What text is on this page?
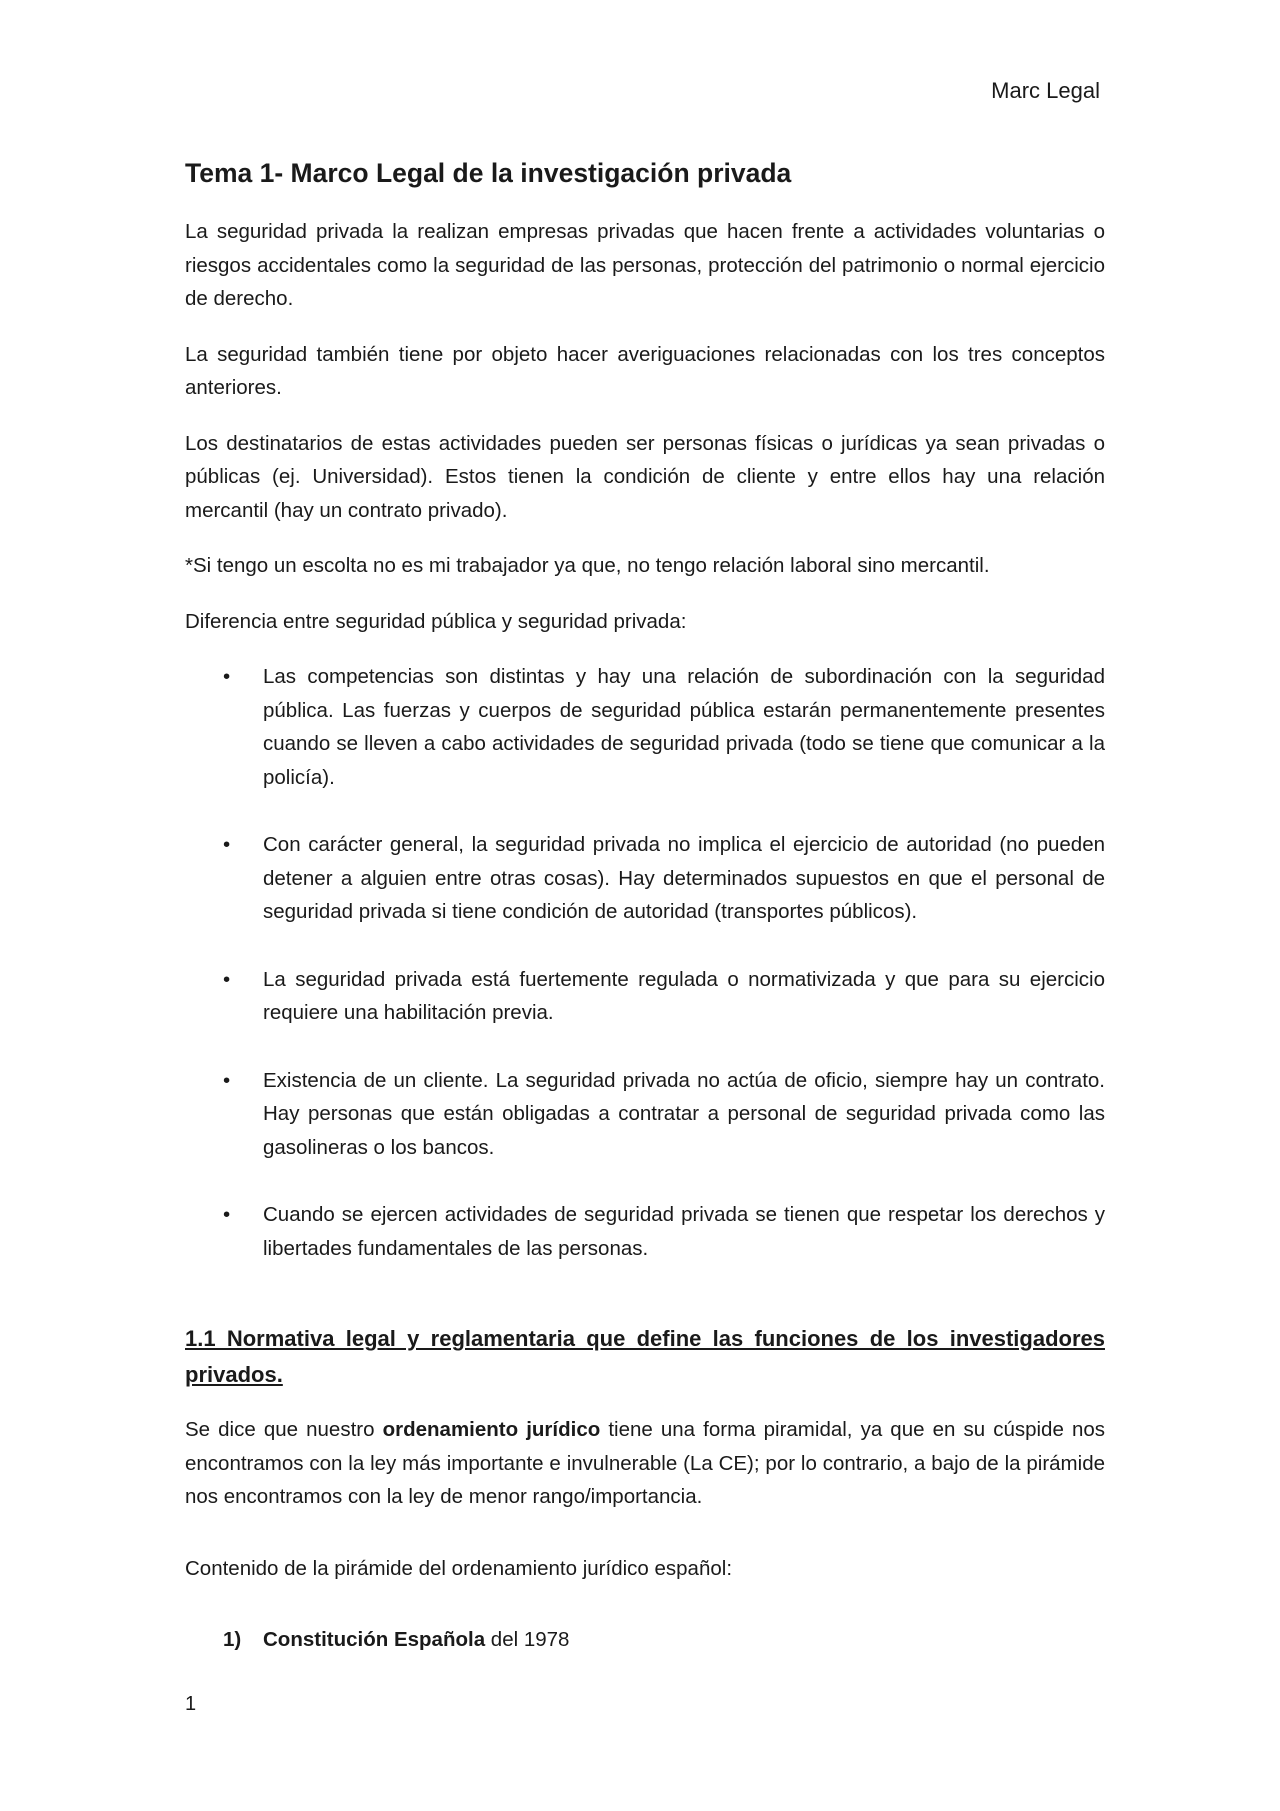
Marc Legal
Tema 1- Marco Legal de la investigación privada

La seguridad privada la realizan empresas privadas que hacen frente a actividades voluntarias o riesgos accidentales como la seguridad de las personas, protección del patrimonio o normal ejercicio de derecho.

La seguridad también tiene por objeto hacer averiguaciones relacionadas con los tres conceptos anteriores.

Los destinatarios de estas actividades pueden ser personas físicas o jurídicas ya sean privadas o públicas (ej. Universidad). Estos tienen la condición de cliente y entre ellos hay una relación mercantil (hay un contrato privado).

*Si tengo un escolta no es mi trabajador ya que, no tengo relación laboral sino mercantil.

Diferencia entre seguridad pública y seguridad privada:

• Las competencias son distintas y hay una relación de subordinación con la seguridad pública. Las fuerzas y cuerpos de seguridad pública estarán permanentemente presentes cuando se lleven a cabo actividades de seguridad privada (todo se tiene que comunicar a la policía).
• Con carácter general, la seguridad privada no implica el ejercicio de autoridad (no pueden detener a alguien entre otras cosas). Hay determinados supuestos en que el personal de seguridad privada si tiene condición de autoridad (transportes públicos).
• La seguridad privada está fuertemente regulada o normativizada y que para su ejercicio requiere una habilitación previa.
• Existencia de un cliente. La seguridad privada no actúa de oficio, siempre hay un contrato. Hay personas que están obligadas a contratar a personal de seguridad privada como las gasolineras o los bancos.
• Cuando se ejercen actividades de seguridad privada se tienen que respetar los derechos y libertades fundamentales de las personas.
1.1 Normativa legal y reglamentaria que define las funciones de los investigadores privados.

Se dice que nuestro ordenamiento jurídico tiene una forma piramidal, ya que en su cúspide nos encontramos con la ley más importante e invulnerable (La CE); por lo contrario, a bajo de la pirámide nos encontramos con la ley de menor rango/importancia.

Contenido de la pirámide del ordenamiento jurídico español:

1) Constitución Española del 1978
1
